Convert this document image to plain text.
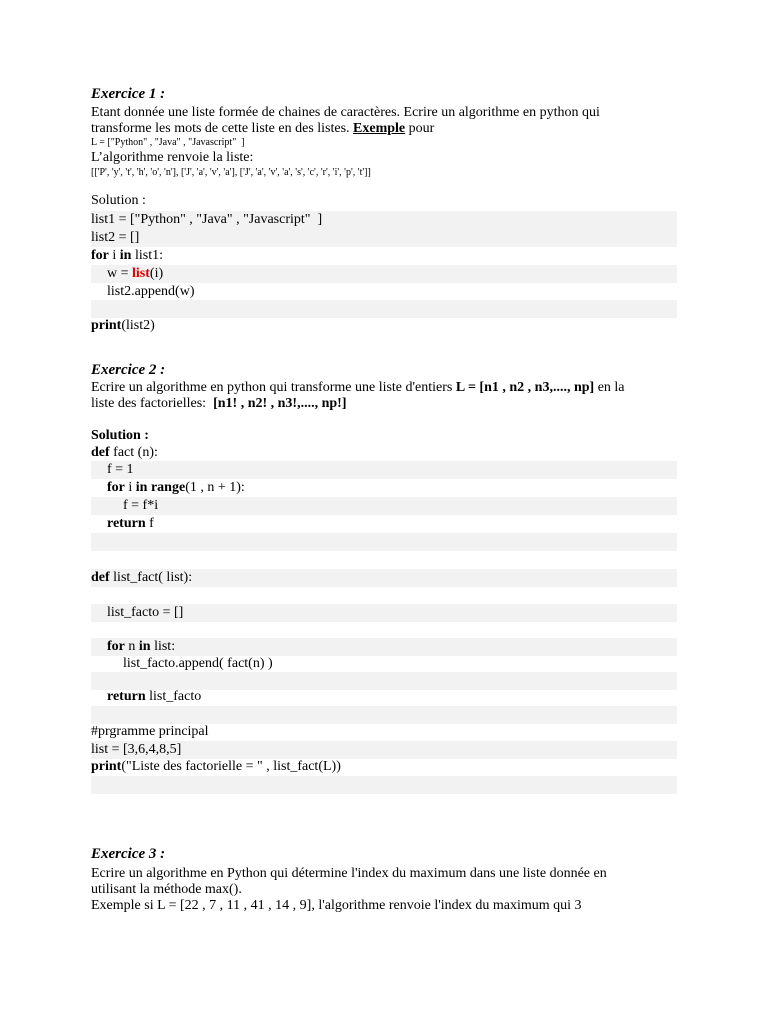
Exercice 1 :
Etant donnée une liste formée de chaines de caractères. Ecrire un algorithme en python qui
transforme les mots de cette liste en des listes. Exemple pour
L = ["Python" , "Java" , "Javascript"  ]
L’algorithme renvoie la liste:
[['P', 'y', 't', 'h', 'o', 'n'], ['J', 'a', 'v', 'a'], ['J', 'a', 'v', 'a', 's', 'c', 'r', 'i', 'p', 't']]
Solution :
list1 = ["Python" , "Java" , "Javascript"  ]
list2 = []
for i in list1:
w = list(i)
list2.append(w)
print(list2)
Exercice 2 :
Ecrire un algorithme en python qui transforme une liste d'entiers L = [n1 , n2 , n3,...., np] en la
liste des factorielles: [n1! , n2! , n3!,...., np!]
Solution :
def fact (n):
f = 1
for i in range(1 , n + 1):
f = f*i
return f
def list_fact( list):
list_facto = []
for n in list:
list_facto.append( fact(n) )
return list_facto
#prgramme principal
list = [3,6,4,8,5]
print("Liste des factorielle = " , list_fact(L))
Exercice 3 :
Ecrire un algorithme en Python qui détermine l'index du maximum dans une liste donnée en
utilisant la méthode max().
Exemple si L = [22 , 7 , 11 , 41 , 14 , 9], l'algorithme renvoie l'index du maximum qui 3
